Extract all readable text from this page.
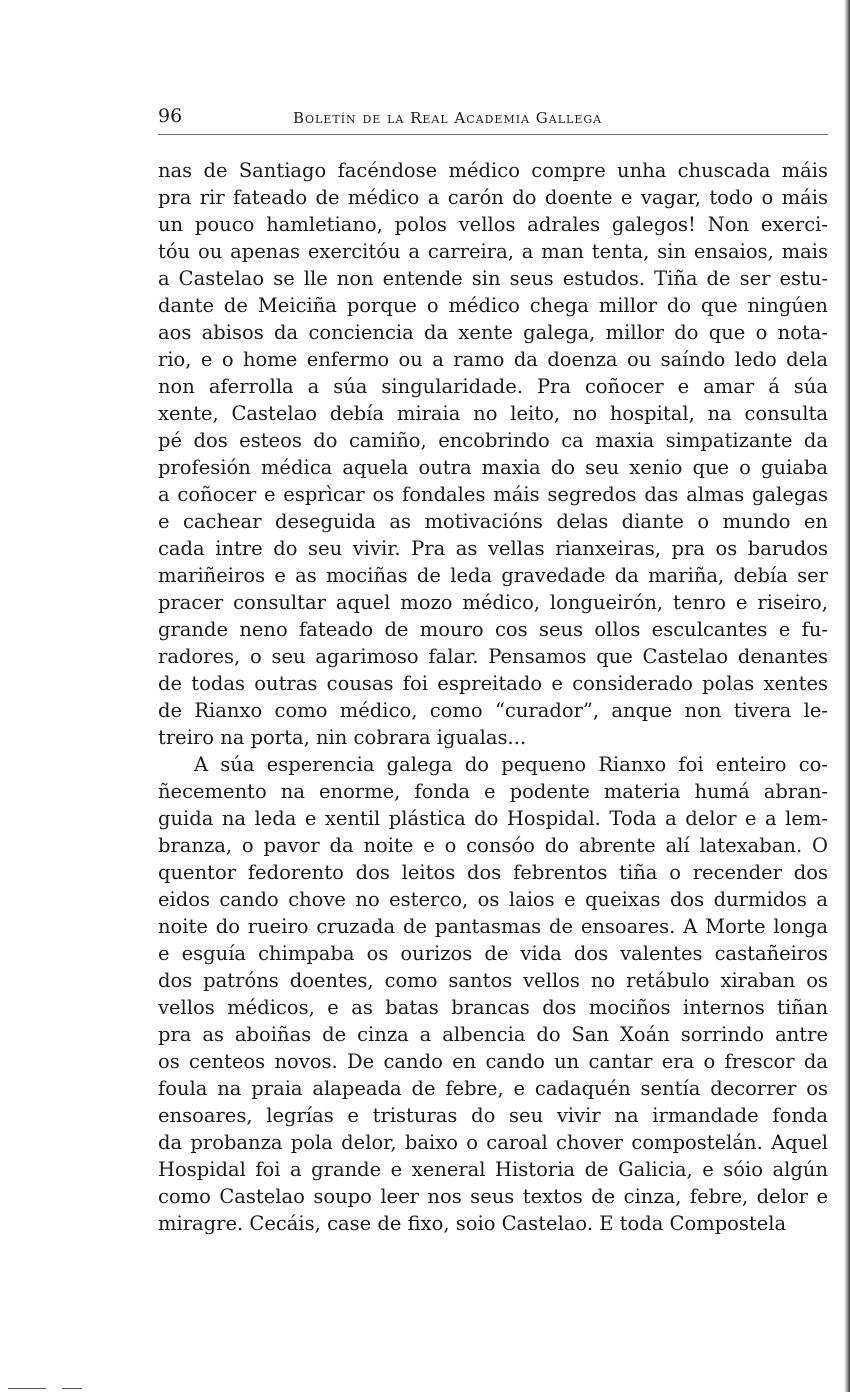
96	Boletín de la Real Academia Gallega
nas de Santiago facéndose médico compre unha chuscada máis
pra rir fateado de médico a carón do doente e vagar, todo o máis
un pouco hamletiano, polos vellos adrales galegos! Non exerci-
tóu ou apenas exercitóu a carreira, a man tenta, sin ensaios, mais
a Castelao se lle non entende sin seus estudos. Tiña de ser estu-
dante de Meiciña porque o médico chega millor do que ningúen
aos abisos da conciencia da xente galega, millor do que o nota-
rio, e o home enfermo ou a ramo da doenza ou saíndo ledo dela
non aferrolla a súa singularidade. Pra coñocer e amar á súa
xente, Castelao debía miraia no leito, no hospital, na consulta
pé dos esteos do camiño, encobrindo ca maxia simpatizante da
profesión médica aquela outra maxia do seu xenio que o guiaba
a coñocer e esprìcar os fondales máis segredos das almas galegas
e cachear deseguida as motivacións delas diante o mundo en
cada intre do seu vivir. Pra as vellas rianxeiras, pra os barudos
mariñeiros e as mociñas de leda gravedade da mariña, debía ser
pracer consultar aquel mozo médico, longueirón, tenro e riseiro,
grande neno fateado de mouro cos seus ollos esculcantes e fu-
radores, o seu agarimoso falar. Pensamos que Castelao denantes
de todas outras cousas foi espreitado e considerado polas xentes
de Rianxo como médico, como “curador”, anque non tivera le-
treiro na porta, nin cobrara igualas...
A súa esperencia galega do pequeno Rianxo foi enteiro co-
ñecemento na enorme, fonda e podente materia humá abran-
guida na leda e xentil plástica do Hospidal. Toda a delor e a lem-
branza, o pavor da noite e o consóo do abrente alí latexaban. O
quentor fedorento dos leitos dos febrentos tiña o recender dos
eidos cando chove no esterco, os laios e queixas dos durmidos a
noite do rueiro cruzada de pantasmas de ensoares. A Morte longa
e esguía chimpaba os ourizos de vida dos valentes castañeiros
dos patróns doentes, como santos vellos no retábulo xiraban os
vellos médicos, e as batas brancas dos mociños internos tiñan
pra as aboiñas de cinza a albencia do San Xoán sorrindo antre
os centeos novos. De cando en cando un cantar era o frescor da
foula na praia alapeada de febre, e cadaquén sentía decorrer os
ensoares, legrías e tristuras do seu vivir na irmandade fonda
da probanza pola delor, baixo o caroal chover compostelán. Aquel
Hospidal foi a grande e xeneral Historia de Galicia, e sóio algún
como Castelao soupo leer nos seus textos de cinza, febre, delor e
miragre. Cecáis, case de fixo, soio Castelao. E toda Compostela
